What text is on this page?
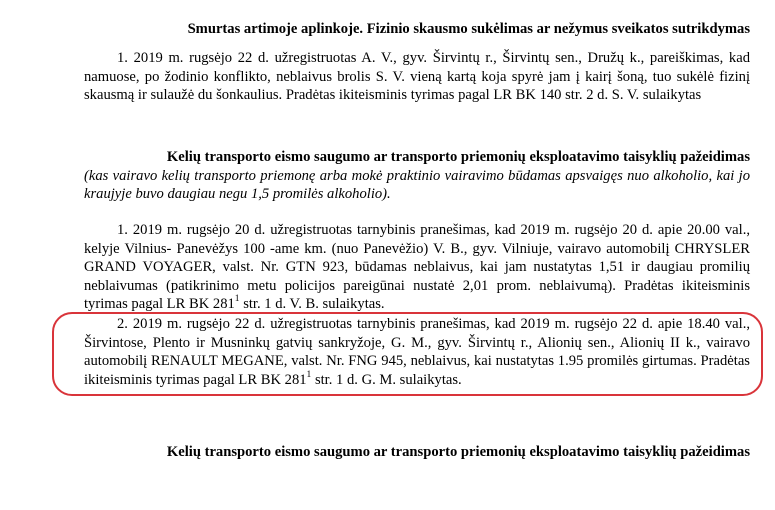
Smurtas artimoje aplinkoje. Fizinio skausmo sukėlimas ar nežymus sveikatos sutrikdymas

1. 2019 m. rugsėjo 22 d. užregistruotas A. V., gyv. Širvintų r., Širvintų sen., Družų k., pareiškimas, kad namuose, po žodinio konflikto, neblaivus brolis S. V. vieną kartą koja spyrė jam į kairį šoną, tuo sukėlė fizinį skausmą ir sulaužė du šonkaulius. Pradėtas ikiteisminis tyrimas pagal LR BK 140 str. 2 d. S. V. sulaikytas

Kelių transporto eismo saugumo ar transporto priemonių eksploatavimo taisyklių pažeidimas

(kas vairavo kelių transporto priemonę arba mokė praktinio vairavimo būdamas apsvaigęs nuo alkoholio, kai jo kraujyje buvo daugiau negu 1,5 promilės alkoholio).

1. 2019 m. rugsėjo 20 d. užregistruotas tarnybinis pranešimas, kad 2019 m. rugsėjo 20 d. apie 20.00 val., kelyje Vilnius- Panevėžys 100 -ame km. (nuo Panevėžio) V. B., gyv. Vilniuje, vairavo automobilį CHRYSLER GRAND VOYAGER, valst. Nr. GTN 923, būdamas neblaivus, kai jam nustatytas 1,51 ir daugiau promilių neblaivumas (patikrinimo metu policijos pareigūnai nustatė 2,01 prom. neblaivumą). Pradėtas ikiteisminis tyrimas pagal LR BK $281^1$ str. 1 d. V. B. sulaikytas.

2. 2019 m. rugsėjo 22 d. užregistruotas tarnybinis pranešimas, kad 2019 m. rugsėjo 22 d. apie 18.40 val., Širvintose, Plento ir Musninkų gatvių sankryžoje, G. M., gyv. Širvintų r., Alionių sen., Alionių II k., vairavo automobilį RENAULT MEGANE, valst. Nr. FNG 945, neblaivus, kai nustatytas 1.95 promilės girtumas. Pradėtas ikiteisminis tyrimas pagal LR BK $281^1$ str. 1 d. G. M. sulaikytas.

Kelių transporto eismo saugumo ar transporto priemonių eksploatavimo taisyklių pažeidimas
